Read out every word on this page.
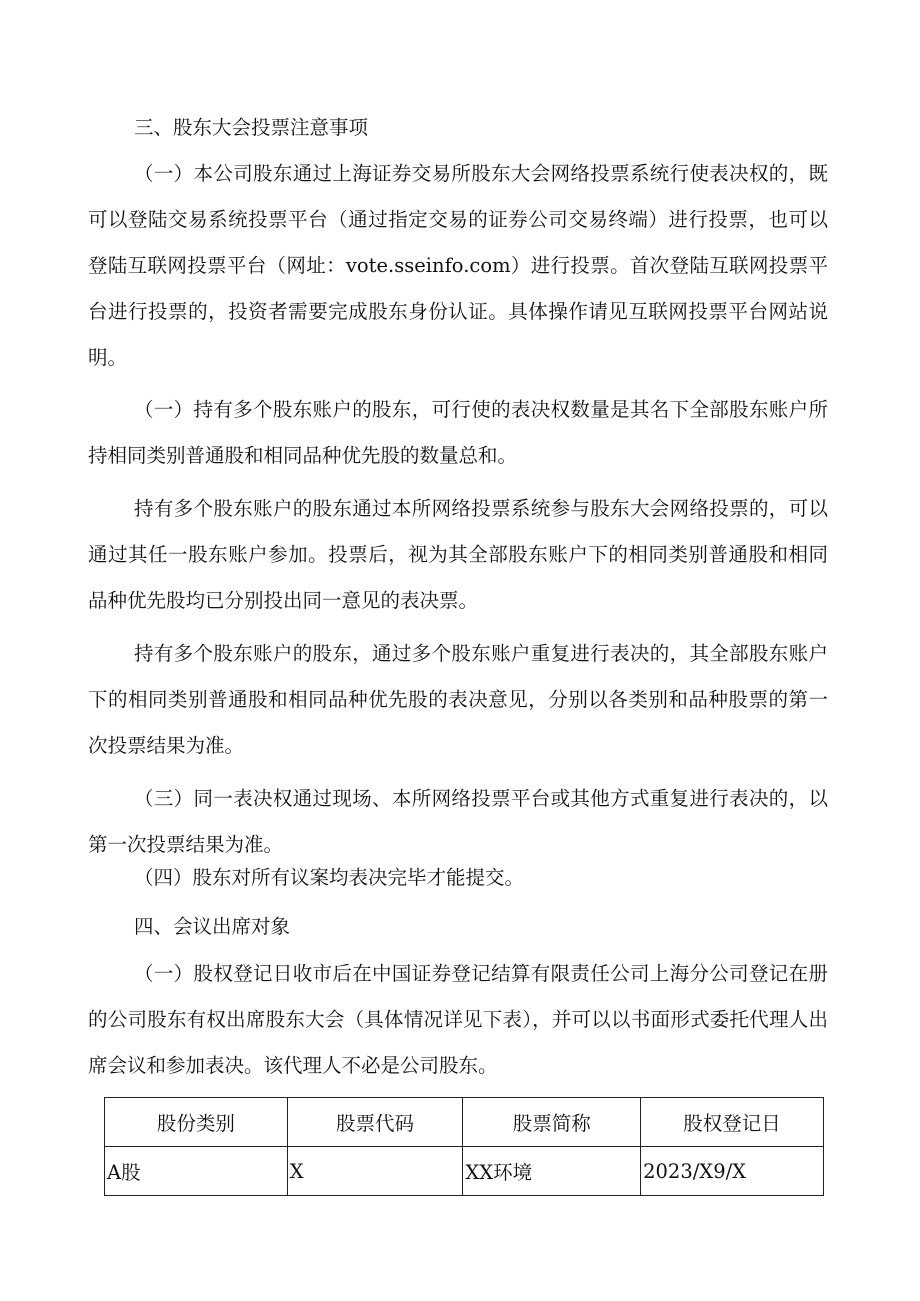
三、股东大会投票注意事项

（一）本公司股东通过上海证券交易所股东大会网络投票系统行使表决权的，既可以登陆交易系统投票平台（通过指定交易的证券公司交易终端）进行投票，也可以登陆互联网投票平台（网址：vote.sseinfo.com）进行投票。首次登陆互联网投票平台进行投票的，投资者需要完成股东身份认证。具体操作请见互联网投票平台网站说明。

（一）持有多个股东账户的股东，可行使的表决权数量是其名下全部股东账户所持相同类别普通股和相同品种优先股的数量总和。

持有多个股东账户的股东通过本所网络投票系统参与股东大会网络投票的，可以通过其任一股东账户参加。投票后，视为其全部股东账户下的相同类别普通股和相同品种优先股均已分别投出同一意见的表决票。

持有多个股东账户的股东，通过多个股东账户重复进行表决的，其全部股东账户下的相同类别普通股和相同品种优先股的表决意见，分别以各类别和品种股票的第一次投票结果为准。

（三）同一表决权通过现场、本所网络投票平台或其他方式重复进行表决的，以第一次投票结果为准。

（四）股东对所有议案均表决完毕才能提交。

四、会议出席对象

（一）股权登记日收市后在中国证券登记结算有限责任公司上海分公司登记在册的公司股东有权出席股东大会（具体情况详见下表），并可以以书面形式委托代理人出席会议和参加表决。该代理人不必是公司股东。

股份类别	股票代码	股票简称	股权登记日
A股	X	XX环境	2023/X9/X
